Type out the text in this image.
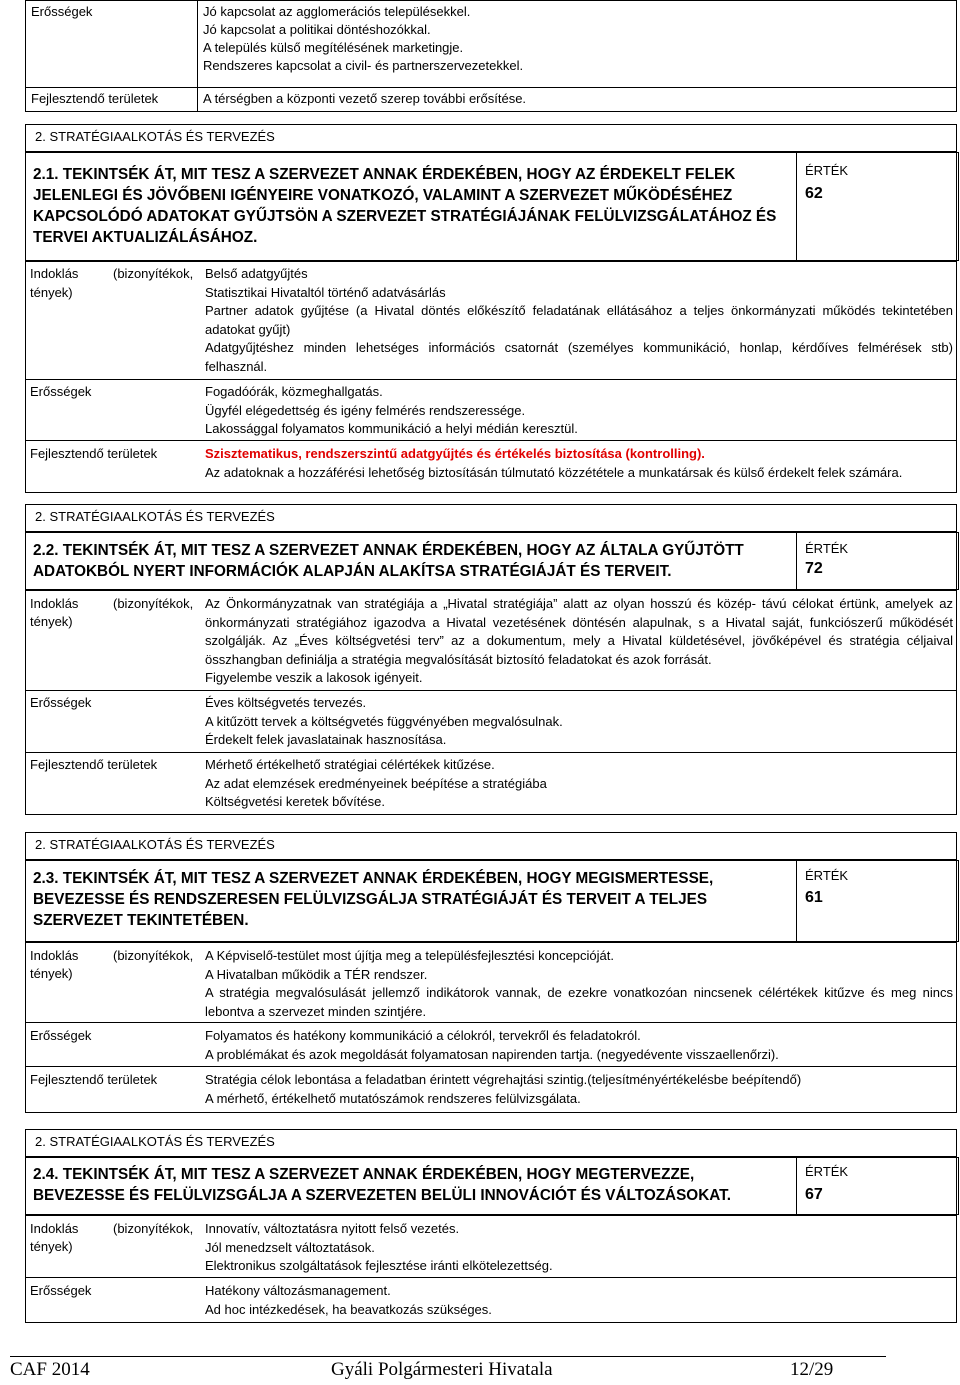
Erősségek	Jó kapcsolat az agglomerációs településekkel.
Jó kapcsolat a politikai döntéshozókkal.
A település külső megítélésének marketingje.
Rendszeres kapcsolat a civil- és partnerszervezetekkel.

Fejlesztendő területek	A térségben a központi vezető szerep további erősítése.
2. STRATÉGIAALKOTÁS ÉS TERVEZÉS
2.1. TEKINTSÉK ÁT, MIT TESZ A SZERVEZET ANNAK ÉRDEKÉBEN, HOGY AZ ÉRDEKELT FELEK JELENLEGI ÉS JÖVŐBENI IGÉNYEIRE VONATKOZÓ, VALAMINT A SZERVEZET MŰKÖDÉSÉHEZ KAPCSOLÓDÓ ADATOKAT GYŰJTSÖN A SZERVEZET STRATÉGIÁJÁNAK FELÜLVIZSGÁLATÁHOZ ÉS TERVEI AKTUALIZÁLÁSÁHOZ.
ÉRTÉK
62
Indoklás	(bizonyítékok,
tények)

Belső adatgyűjtés

Statisztikai Hivataltól történő adatvásárlás

Partner adatok gyűjtése (a Hivatal döntés előkészítő feladatának ellátásához a teljes önkormányzati működés tekintetében adatokat gyűjt)

Adatgyűjtéshez minden lehetséges információs csatornát (személyes kommunikáció, honlap, kérdőíves felmérések stb) felhasznál.

Erősségek	Fogadóórák, közmeghallgatás.

Ügyfél elégedettség és igény felmérés rendszeressége.

Lakossággal folyamatos kommunikáció a helyi médián keresztül.

Fejlesztendő területek	Szisztematikus, rendszerszintű adatgyűjtés és értékelés biztosítása (kontrolling).

Az adatoknak a hozzáférési lehetőség biztosításán túlmutató közzététele a munkatársak és külső érdekelt felek számára.

2. STRATÉGIAALKOTÁS ÉS TERVEZÉS
2.2. TEKINTSÉK ÁT, MIT TESZ A SZERVEZET ANNAK ÉRDEKÉBEN, HOGY AZ ÁLTALA GYŰJTÖTT ADATOKBÓL NYERT INFORMÁCIÓK ALAPJÁN ALAKÍTSA STRATÉGIÁJÁT ÉS TERVEIT.
ÉRTÉK
72
Indoklás	(bizonyítékok,
tények)

Az Önkormányzatnak van stratégiája a „Hivatal stratégiája” alatt az olyan hosszú és közép- távú célokat értünk, amelyek az önkormányzati stratégiához igazodva a Hivatal vezetésének döntésén alapulnak, s a Hivatal saját, funkciószerű működését szolgálják. Az „Éves költségvetési terv” az a dokumentum, mely a Hivatal küldetésével, jövőképével és stratégia céljaival összhangban definiálja a stratégia megvalósítását biztosító feladatokat és azok forrását.

Figyelembe veszik a lakosok igényeit.

Erősségek	Éves költségvetés tervezés.

A kitűzött tervek a költségvetés függvényében megvalósulnak.

Érdekelt felek javaslatainak hasznosítása.

Fejlesztendő területek	Mérhető értékelhető stratégiai célértékek kitűzése.

Az adat elemzések eredményeinek beépítése a stratégiába

Költségvetési keretek bővítése.

2. STRATÉGIAALKOTÁS ÉS TERVEZÉS
2.3. TEKINTSÉK ÁT, MIT TESZ A SZERVEZET ANNAK ÉRDEKÉBEN, HOGY MEGISMERTESSE, BEVEZESSE ÉS RENDSZERESEN FELÜLVIZSGÁLJA STRATÉGIÁJÁT ÉS TERVEIT A TELJES SZERVEZET TEKINTETÉBEN.
ÉRTÉK
61
Indoklás	(bizonyítékok,
tények)

A Képviselő-testület most újítja meg a településfejlesztési koncepcióját.

A Hivatalban működik a TÉR rendszer.

A stratégia megvalósulását jellemző indikátorok vannak, de ezekre vonatkozóan nincsenek célértékek kitűzve és meg nincs lebontva a szervezet minden szintjére.

Erősségek	Folyamatos és hatékony kommunikáció a célokról, tervekről és feladatokról.

A problémákat és azok megoldását folyamatosan napirenden tartja. (negyedévente visszaellenőrzi).

Fejlesztendő területek	Stratégia célok lebontása a feladatban érintett végrehajtási szintig.(teljesítményértékelésbe beépítendő)

A mérhető, értékelhető mutatószámok rendszeres felülvizsgálata.

2. STRATÉGIAALKOTÁS ÉS TERVEZÉS
2.4. TEKINTSÉK ÁT, MIT TESZ A SZERVEZET ANNAK ÉRDEKÉBEN, HOGY MEGTERVEZZE, BEVEZESSE ÉS FELÜLVIZSGÁLJA A SZERVEZETEN BELÜLI INNOVÁCIÓT ÉS VÁLTOZÁSOKAT.
ÉRTÉK
67
Indoklás	(bizonyítékok,
tények)

Innovatív, változtatásra nyitott felső vezetés.

Jól menedzselt változtatások.

Elektronikus szolgáltatások fejlesztése iránti elkötelezettség.

Erősségek	Hatékony változásmanagement.

Ad hoc intézkedések, ha beavatkozás szükséges.

CAF 2014	Gyáli Polgármesteri Hivatala	12/29
